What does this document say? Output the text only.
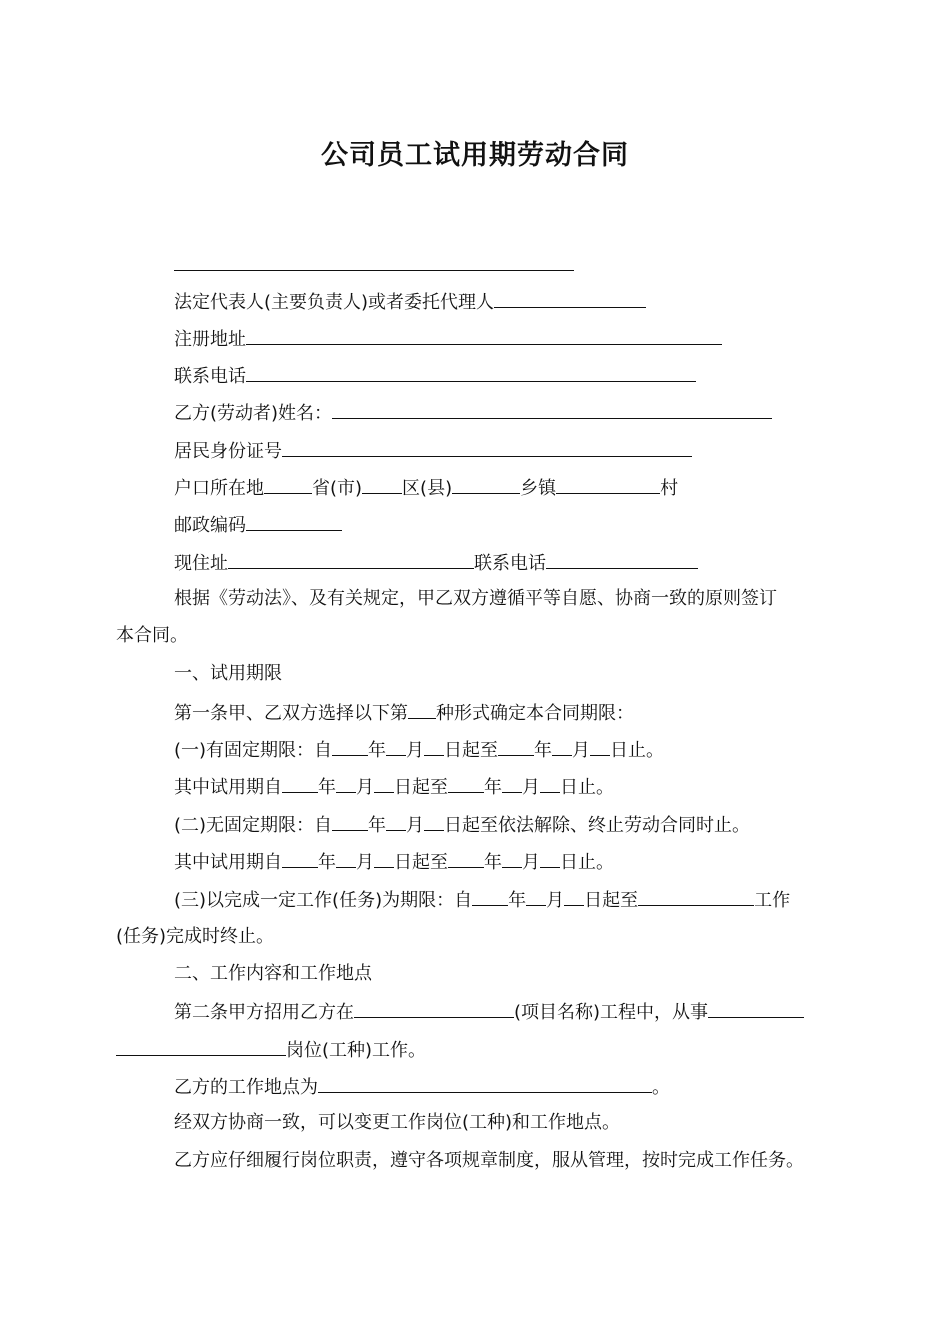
公司员工试用期劳动合同
法定代表人(主要负责人)或者委托代理人
注册地址
联系电话
乙方(劳动者)姓名：
居民身份证号
户口所在地	省(市) 区(县)	乡镇	村
邮政编码
现住址	联系电话
根据《劳动法》、及有关规定，甲乙双方遵循平等自愿、协商一致的原则签订
本合同。
一、试用期限
第一条甲、乙双方选择以下第 种形式确定本合同期限：
(一)有固定期限：自 年 月 日起至 年 月 日止。
其中试用期自 年 月 日起至 年 月 日止。
(二)无固定期限：自 年 月 日起至依法解除、终止劳动合同时止。
其中试用期自 年 月 日起至 年 月 日止。
(三)以完成一定工作(任务)为期限：自 年 月 日起至	工作
(任务)完成时终止。
二、工作内容和工作地点
第二条甲方招用乙方在	(项目名称)工程中，从事
岗位(工种)工作。
乙方的工作地点为	。
经双方协商一致，可以变更工作岗位(工种)和工作地点。
乙方应仔细履行岗位职责，遵守各项规章制度，服从管理，按时完成工作任务。
